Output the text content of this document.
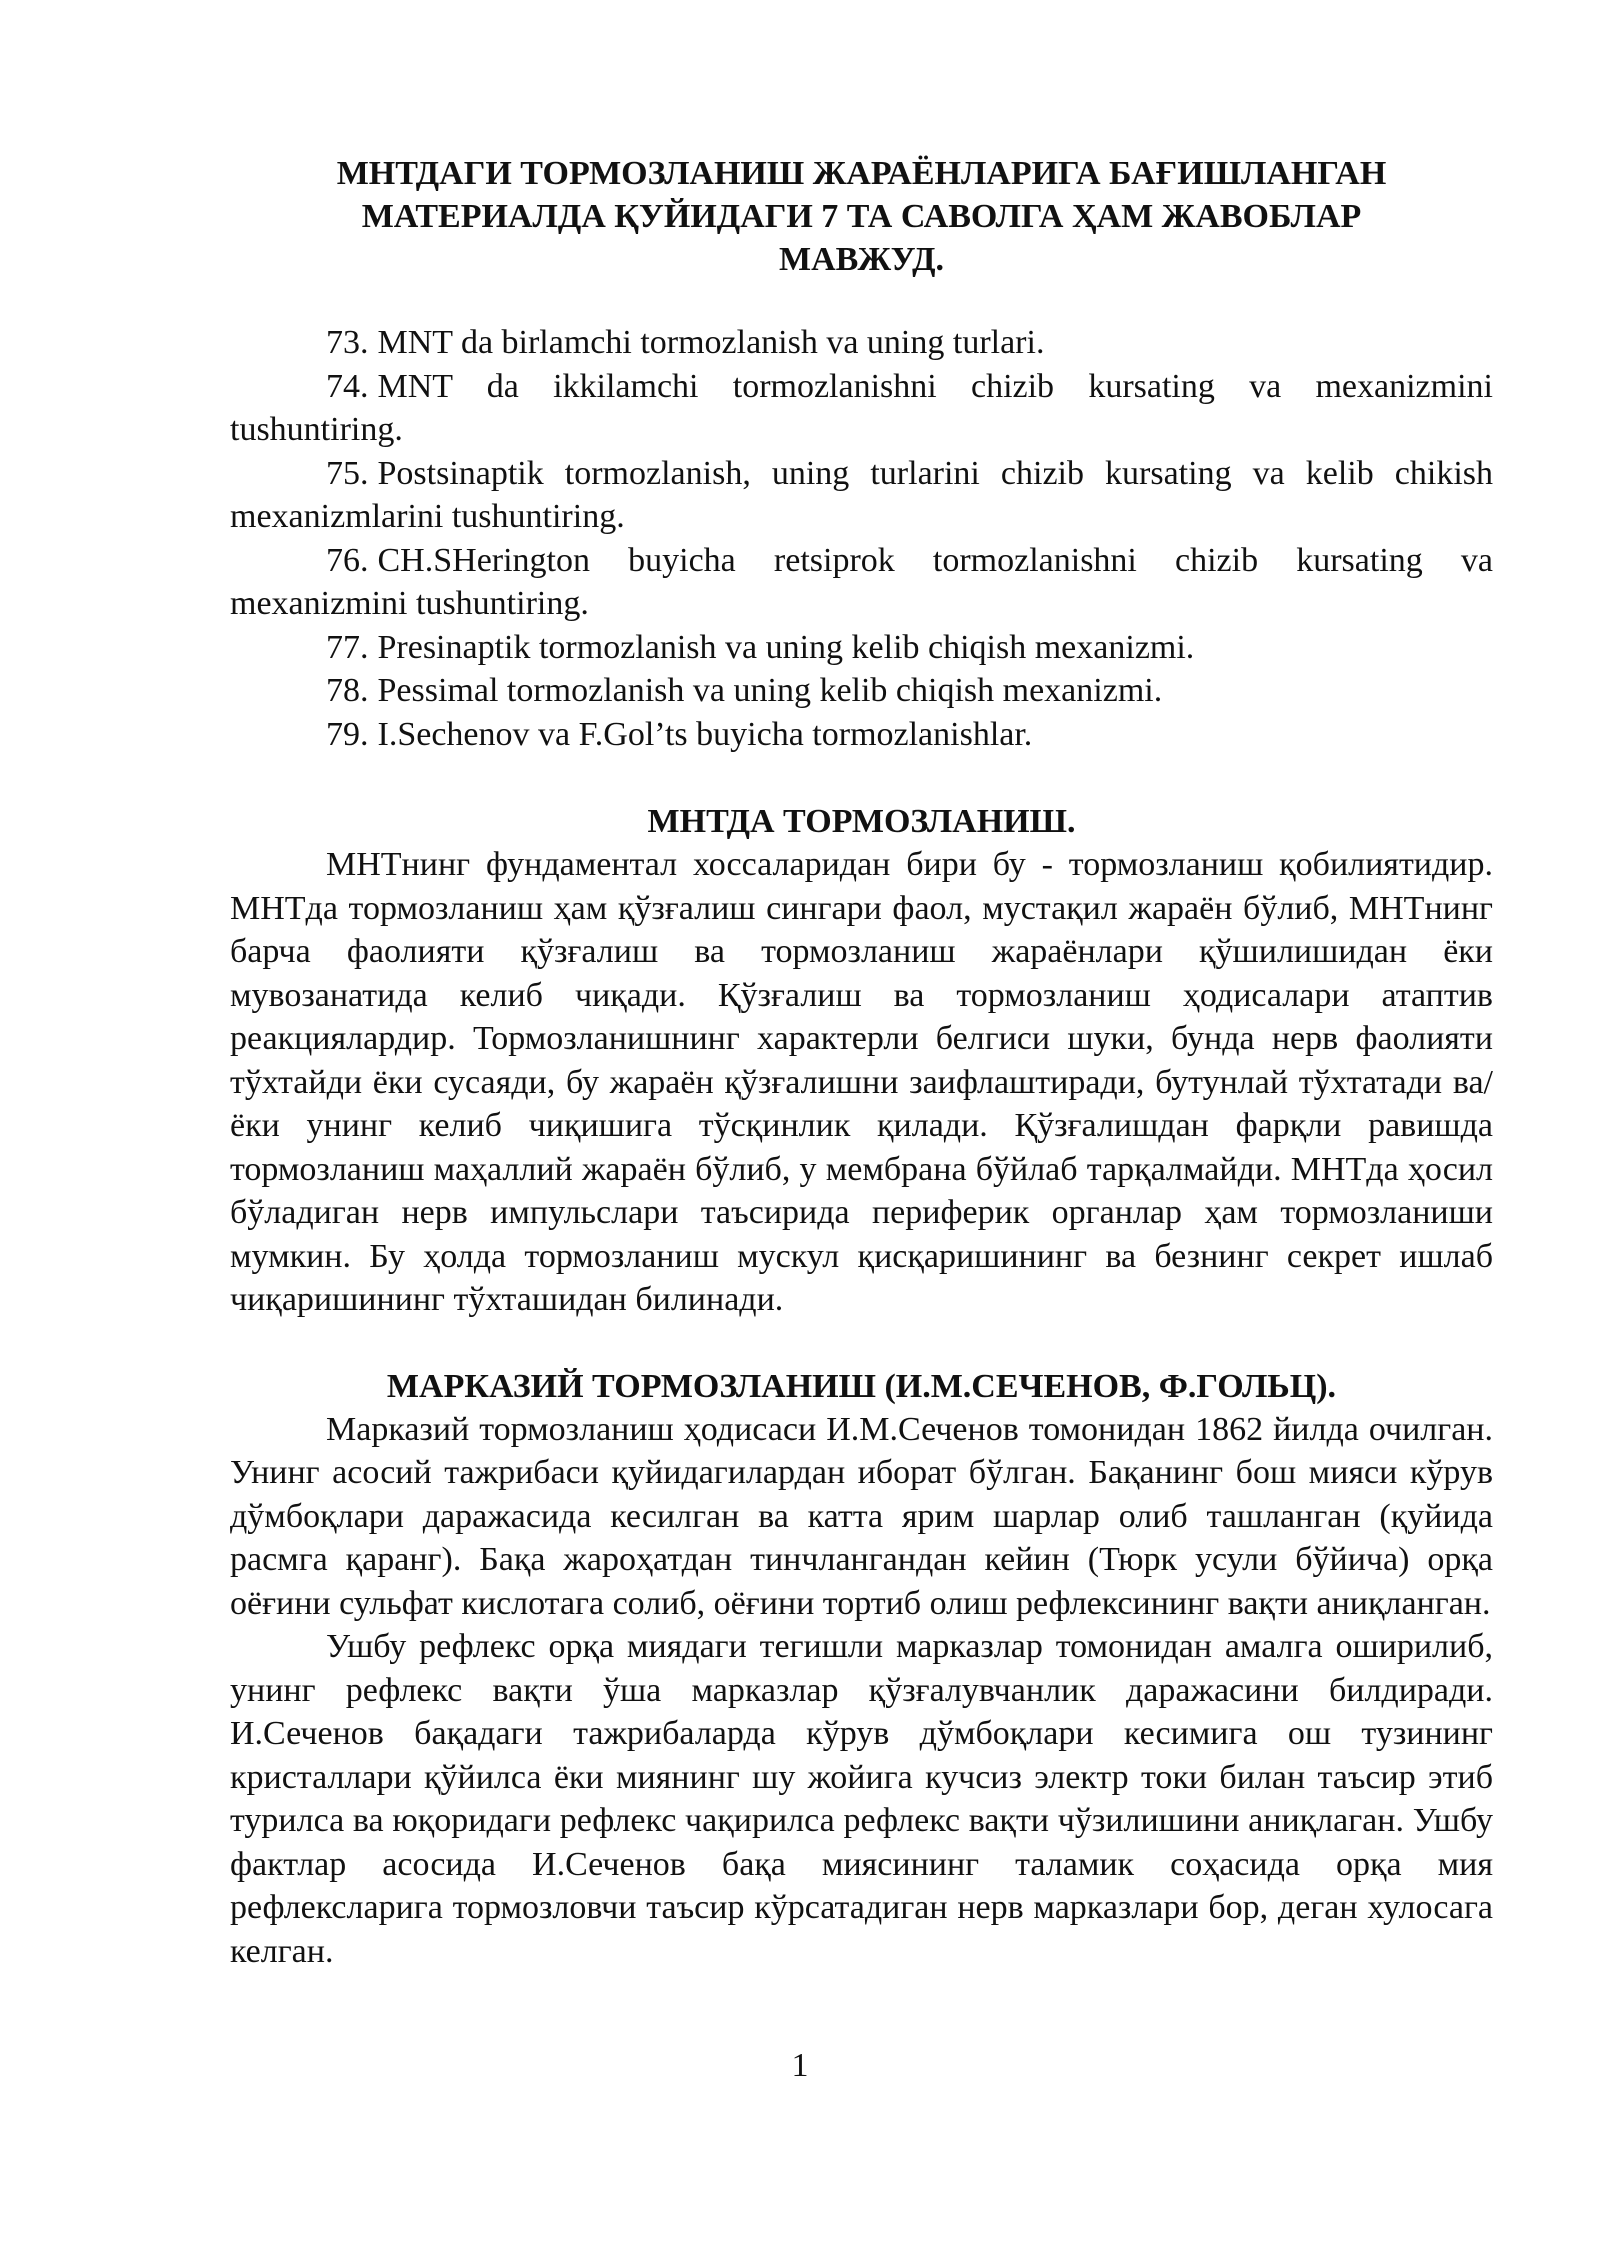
МНТДАГИ ТОРМОЗЛАНИШ ЖАРАЁНЛАРИГА БАҒИШЛАНГАН
МАТЕРИАЛДА ҚУЙИДАГИ 7 ТА САВОЛГА ҲАМ ЖАВОБЛАР
МАВЖУД.
73. MNT da birlamchi tormozlanish va uning turlari.
74. MNT da ikkilamchi tormozlanishni chizib kursating va mexanizmini tushuntiring.
75. Postsinaptik tormozlanish, uning turlarini chizib kursating va kelib chikish mexanizmlarini tushuntiring.
76. CH.SHerington buyicha retsiprok tormozlanishni chizib kursating va mexanizmini tushuntiring.
77. Presinaptik tormozlanish va uning kelib chiqish mexanizmi.
78. Pessimal tormozlanish va uning kelib chiqish mexanizmi.
79. I.Sechenov va F.Gol’ts buyicha tormozlanishlar.
МНТДА ТОРМОЗЛАНИШ.

МНТнинг фундаментал хоссаларидан бири бу - тормозланиш қобилиятидир. МНТда тормозланиш ҳам қўзғалиш сингари фаол, мустақил жараён бўлиб, МНТнинг барча фаолияти қўзғалиш ва тормозланиш жараёнлари қўшилишидан ёки мувозанатида келиб чиқади. Қўзғалиш ва тормозланиш ҳодисалари атаптив реакциялардир. Тормозланишнинг характерли белгиси шуки, бунда нерв фаолияти тўхтайди ёки сусаяди, бу жараён қўзғалишни заифлаштиради, бутунлай тўхтатади ва/ёки унинг келиб чиқишига тўсқинлик қилади. Қўзғалишдан фарқли равишда тормозланиш маҳаллий жараён бўлиб, у мембрана бўйлаб тарқалмайди. МНТда ҳосил бўладиган нерв импульслари таъсирида периферик органлар ҳам тормозланиши мумкин. Бу ҳолда тормозланиш мускул қисқаришининг ва безнинг секрет ишлаб чиқаришининг тўхташидан билинади.

МАРКАЗИЙ ТОРМОЗЛАНИШ (И.М.СЕЧЕНОВ, Ф.ГОЛЬЦ).

Марказий тормозланиш ҳодисаси И.М.Сеченов томонидан 1862 йилда очилган. Унинг асосий тажрибаси қуйидагилардан иборат бўлган. Бақанинг бош мияси кўрув дўмбоқлари даражасида кесилган ва катта ярим шарлар олиб ташланган (қуйида расмга қаранг). Бақа жароҳатдан тинчлангандан кейин (Тюрк усули бўйича) орқа оёғини сульфат кислотага солиб, оёғини тортиб олиш рефлексининг вақти аниқланган.

Ушбу рефлекс орқа миядаги тегишли марказлар томонидан амалга оширилиб, унинг рефлекс вақти ўша марказлар қўзғалувчанлик даражасини билдиради. И.Сеченов бақадаги тажрибаларда кўрув дўмбоқлари кесимига ош тузининг кристаллари қўйилса ёки миянинг шу жойига кучсиз электр токи билан таъсир этиб турилса ва юқоридаги рефлекс чақирилса рефлекс вақти чўзилишини аниқлаган. Ушбу фактлар асосида И.Сеченов бақа миясининг таламик соҳасида орқа мия рефлексларига тормозловчи таъсир кўрсатадиган нерв марказлари бор, деган хулосага келган.

1
